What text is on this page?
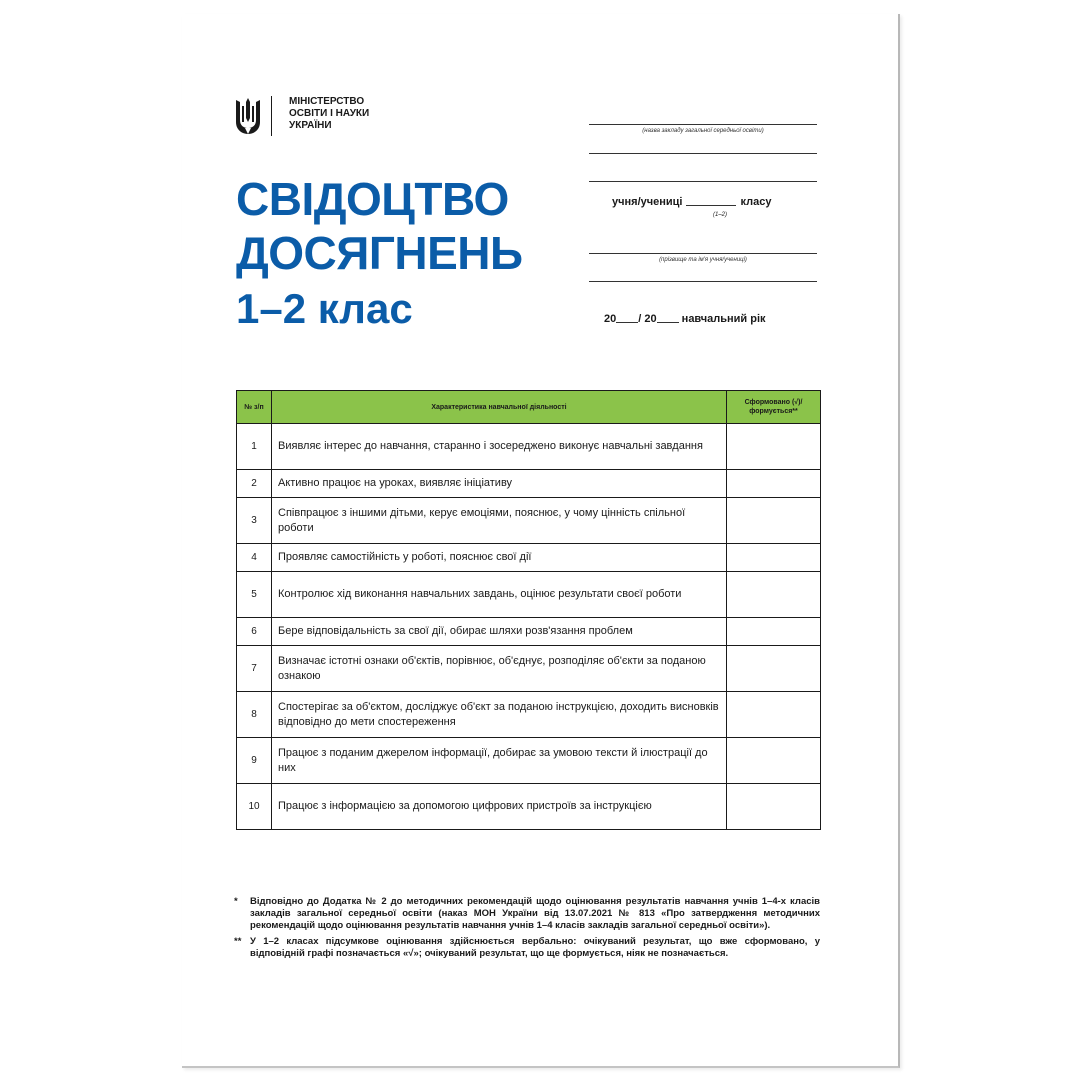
МІНІСТЕРСТВО
ОСВІТИ І НАУКИ
УКРАЇНИ
СВІДОЦТВО
ДОСЯГНЕНЬ
1–2 клас
(назва закладу загальної середньої освіти)
учня/учениці	класу
(1–2)
(прізвище та ім'я учня/учениці)
20 / 20 навчальний рік
№ з/п	Характеристика навчальної діяльності	Сформовано (√)/ формується**
1	Виявляє інтерес до навчання, старанно і зосереджено виконує навчальні завдання	
2	Активно працює на уроках, виявляє ініціативу	
3	Співпрацює з іншими дітьми, керує емоціями, пояснює, у чому цінність спільної роботи	
4	Проявляє самостійність у роботі, пояснює свої дії	
5	Контролює хід виконання навчальних завдань, оцінює результати своєї роботи	
6	Бере відповідальність за свої дії, обирає шляхи розв'язання проблем	
7	Визначає істотні ознаки об'єктів, порівнює, об'єднує, розподіляє об'єкти за поданою ознакою	
8	Спостерігає за об'єктом, досліджує об'єкт за поданою інструкцією, доходить висновків відповідно до мети спостереження	
9	Працює з поданим джерелом інформації, добирає за умовою тексти й ілюстрації до них	
10	Працює з інформацією за допомогою цифрових пристроїв за інструкцією	
*	Відповідно до Додатка № 2 до методичних рекомендацій щодо оцінювання результатів навчання учнів 1–4-х класів закладів загальної середньої освіти (наказ МОН України від 13.07.2021 № 813 «Про затвердження методичних рекомендацій щодо оцінювання результатів навчання учнів 1–4 класів закладів загальної середньої освіти»).
** У 1–2 класах підсумкове оцінювання здійснюється вербально: очікуваний результат, що вже сформовано, у відповідній графі позначається «√»; очікуваний результат, що ще формується, ніяк не позначається.
